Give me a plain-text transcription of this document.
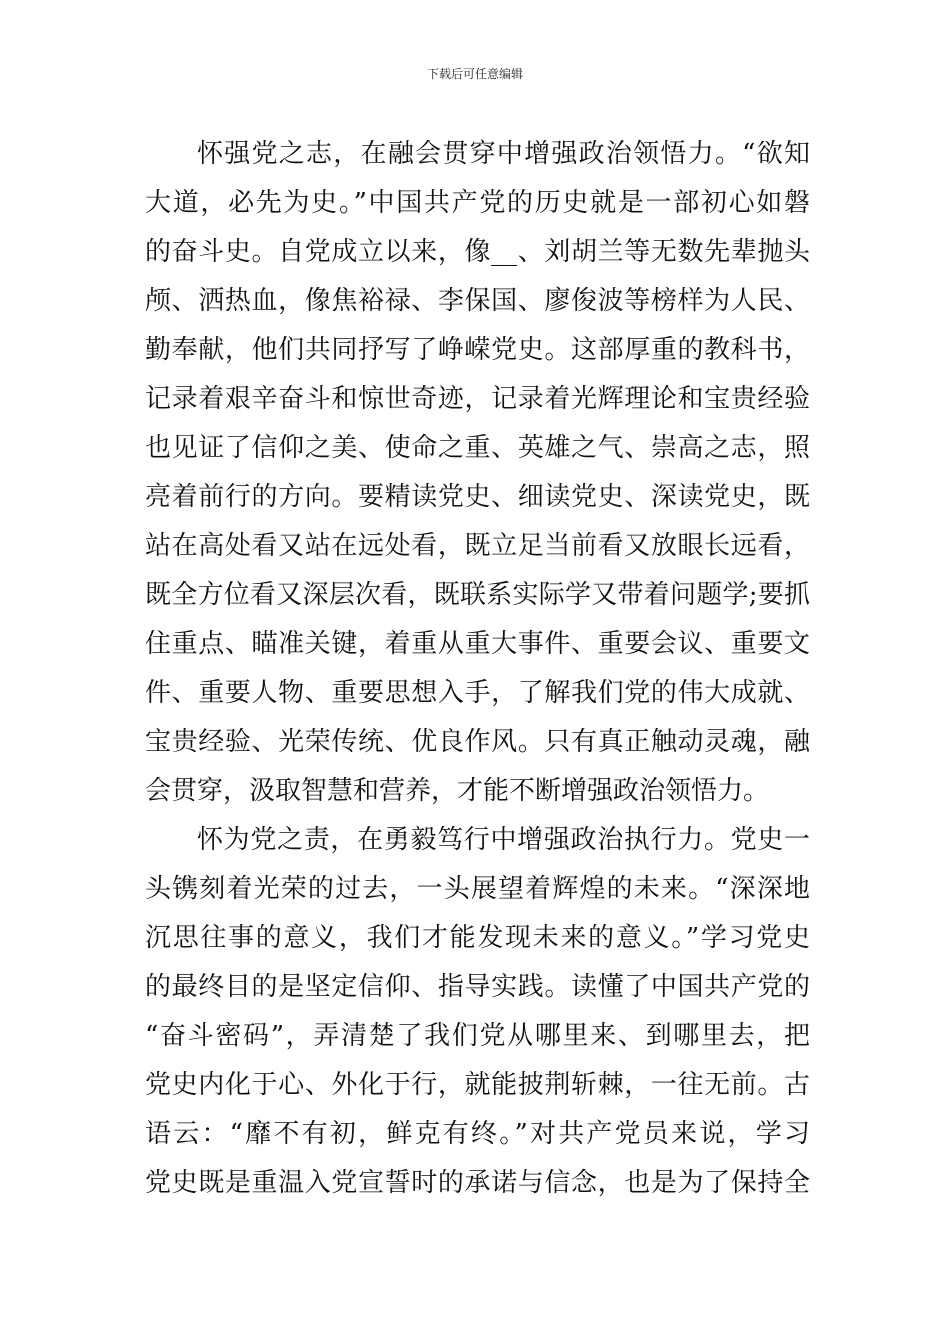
下载后可任意编辑
怀强党之志，在融会贯穿中增强政治领悟力。“欲知
大道，必先为史。”中国共产党的历史就是一部初心如磐
的奋斗史。自党成立以来，像__、刘胡兰等无数先辈抛头
颅、洒热血，像焦裕禄、李保国、廖俊波等榜样为人民、
勤奉献，他们共同抒写了峥嵘党史。这部厚重的教科书，
记录着艰辛奋斗和惊世奇迹，记录着光辉理论和宝贵经验
也见证了信仰之美、使命之重、英雄之气、崇高之志，照
亮着前行的方向。要精读党史、细读党史、深读党史，既
站在高处看又站在远处看，既立足当前看又放眼长远看，
既全方位看又深层次看，既联系实际学又带着问题学;要抓
住重点、瞄准关键，着重从重大事件、重要会议、重要文
件、重要人物、重要思想入手，了解我们党的伟大成就、
宝贵经验、光荣传统、优良作风。只有真正触动灵魂，融
会贯穿，汲取智慧和营养，才能不断增强政治领悟力。
怀为党之责，在勇毅笃行中增强政治执行力。党史一
头镌刻着光荣的过去，一头展望着辉煌的未来。“深深地
沉思往事的意义，我们才能发现未来的意义。”学习党史
的最终目的是坚定信仰、指导实践。读懂了中国共产党的
“奋斗密码”，弄清楚了我们党从哪里来、到哪里去，把
党史内化于心、外化于行，就能披荆斩棘，一往无前。古
语云：“靡不有初，鲜克有终。”对共产党员来说，学习
党史既是重温入党宣誓时的承诺与信念，也是为了保持全
